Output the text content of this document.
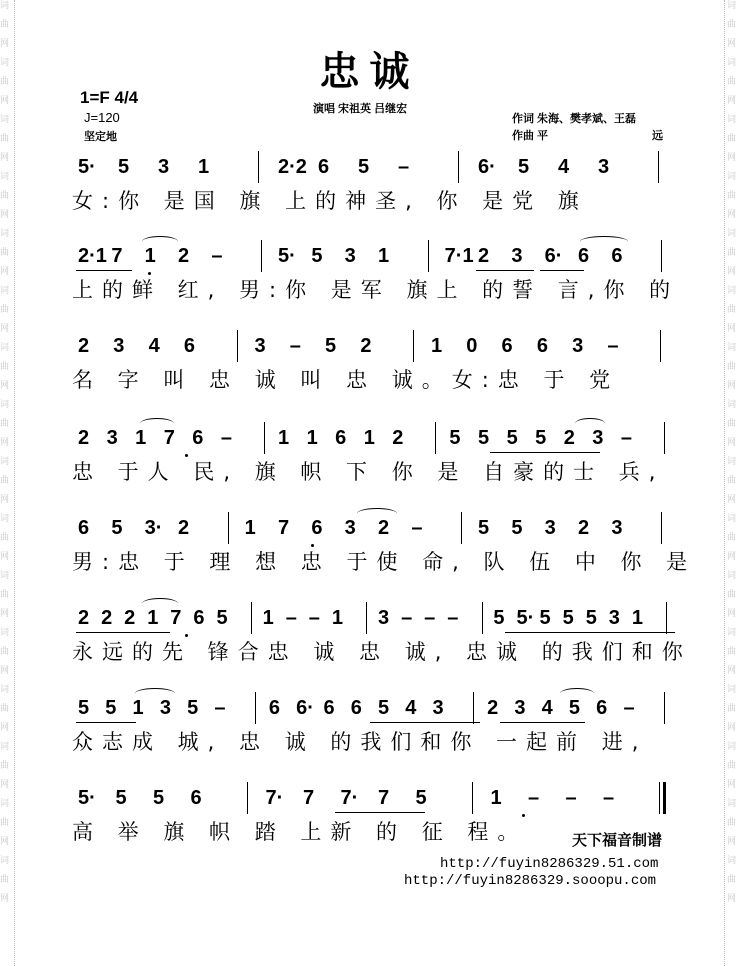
词
曲
网
词
曲
网
词
曲
网
词
曲
网
词
曲
网
词
曲
网
词
曲
网
词
曲
网
词
曲
网
词
曲
网
词
曲
网
词
曲
网
词
曲
网
词
曲
网
词
曲
网
词
曲
网
词
曲
网
词
曲
网
词
曲
网
词
曲
网
词
曲
网
词
曲
网
词
曲
网
词
曲
网
词
曲
网
词
曲
网
词
曲
网
词
曲
网
词
曲
网
词
曲
网
词
曲
网
词
曲
网
忠诚
1=F 4/4
J=120
坚定地
演唱 宋祖英 吕继宏
作词 朱海、樊孝斌、王磊
作曲 平	远
5· 5 3 1	2·2 6 5 –	6· 5 4 3
女:你 是国 旗 上的神圣, 你 是党 旗
2·1 7 1 2 –	5· 5 3 1	7·1 2 3 6· 6 6
上的鲜 红, 男:你 是军 旗上 的誓 言,你 的
2 3 4 6	3 – 5 2	1 0 6 6 3 –
名 字 叫 忠 诚 叫 忠 诚。女:忠 于 党
2 3 1 7 6 – 1 1 6 1 2 5 5 5 5 2 3 –
忠 于人 民, 旗 帜 下 你 是 自豪的士 兵,
6 5 3· 2	1 7 6 3 2 –	5 5 3 2 3
男:忠 于 理 想 忠 于使 命, 队 伍 中 你 是
2 2 2 1 7 6 5 1 – – 1 3 – – – 5 5· 5 5 5 3 1
永远的先 锋合忠 诚 忠 诚, 忠诚 的我们和你
5 5 1 3 5 – 6 6· 6 6 5 4 3 2 3 4 5 6 –
众志成 城, 忠 诚 的我们和你 一起前 进,
5· 5 5 6	7· 7 7· 7 5	1 – – –
高 举 旗 帜 踏 上新 的 征 程。	天下福音制谱
http://fuyin8286329.51.com
http://fuyin8286329.sooopu.com
